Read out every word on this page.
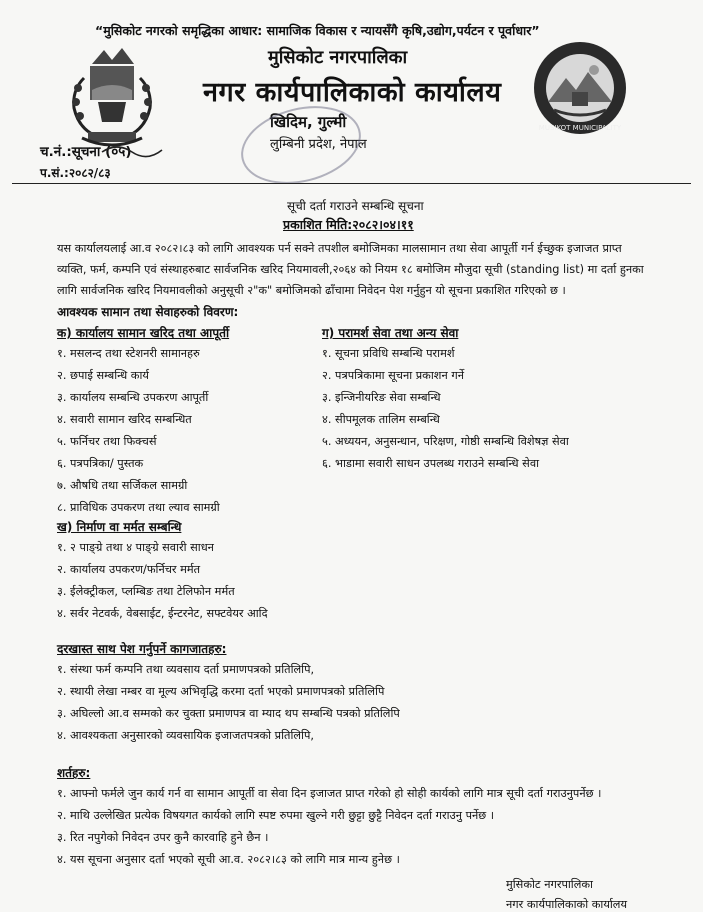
“मुसिकोट नगरको समृद्धिका आधार: सामाजिक विकास र न्यायसँगै कृषि,उद्योग,पर्यटन र पूर्वाधार”
मुसिकोट नगरपालिका
नगर कार्यपालिकाको कार्यालय
खिदिम, गुल्मी
लुम्बिनी प्रदेश, नेपाल
MUSIKOT MUNICIPALITY
च.नं.:सूचना (०५)
प.सं.:२०८२/८३
सूची दर्ता गराउने सम्बन्धि सूचना
प्रकाशित मिति:२०८२।०४।११
यस कार्यालयलाई आ.व २०८२।८३ को लागि आवश्यक पर्न सक्ने तपशील बमोजिमका मालसामान तथा सेवा आपूर्ती गर्न ईच्छुक इजाजत प्राप्त
व्यक्ति, फर्म, कम्पनि एवं संस्थाहरुबाट सार्वजनिक खरिद नियमावली,२०६४ को नियम १८ बमोजिम मौजुदा सूची (standing list) मा दर्ता हुनका
लागि सार्वजनिक खरिद नियमावलीको अनुसूची २"क" बमोजिमको ढाँचामा निवेदन पेश गर्नुहुन यो सूचना प्रकाशित गरिएको छ ।
आवश्यक सामान तथा सेवाहरुको विवरण:
क) कार्यालय सामान खरिद तथा आपूर्ती
१. मसलन्द तथा स्टेशनरी सामानहरु
२. छपाई सम्बन्धि कार्य
३. कार्यालय सम्बन्धि उपकरण आपूर्ती
४. सवारी सामान खरिद सम्बन्धित
५. फर्निचर तथा फिक्चर्स
६. पत्रपत्रिका/ पुस्तक
७. औषधि तथा सर्जिकल सामग्री
८. प्राविधिक उपकरण तथा ल्याव सामग्री
ग) परामर्श सेवा तथा अन्य सेवा
१. सूचना प्रविधि सम्बन्धि परामर्श
२. पत्रपत्रिकामा सूचना प्रकाशन गर्ने
३. इन्जिनीयरिङ सेवा सम्बन्धि
४. सीपमूलक तालिम सम्बन्धि
५. अध्ययन, अनुसन्धान, परिक्षण, गोष्ठी सम्बन्धि विशेषज्ञ सेवा
६. भाडामा सवारी साधन उपलब्ध गराउने सम्बन्धि सेवा
ख) निर्माण वा मर्मत सम्बन्धि
१. २ पाङ्ग्रे तथा ४ पाङ्ग्रे सवारी साधन
२. कार्यालय उपकरण/फर्निचर मर्मत
३. ईलेक्ट्रीकल, प्लम्बिङ तथा टेलिफोन मर्मत
४. सर्वर नेटवर्क, वेबसाईट, ईन्टरनेट, सफ्टवेयर आदि
दरखास्त साथ पेश गर्नुपर्ने कागजातहरु:
१. संस्था फर्म कम्पनि तथा व्यवसाय दर्ता प्रमाणपत्रको प्रतिलिपि,
२. स्थायी लेखा नम्बर वा मूल्य अभिवृद्धि करमा दर्ता भएको प्रमाणपत्रको प्रतिलिपि
३. अघिल्लो आ.व सम्मको कर चुक्ता प्रमाणपत्र वा म्याद थप सम्बन्धि पत्रको प्रतिलिपि
४. आवश्यकता अनुसारको व्यवसायिक इजाजतपत्रको प्रतिलिपि,
शर्तहरु:
१. आफ्नो फर्मले जुन कार्य गर्न वा सामान आपूर्ती वा सेवा दिन इजाजत प्राप्त गरेको हो सोही कार्यको लागि मात्र सूची दर्ता गराउनुपर्नेछ ।
२. माथि उल्लेखित प्रत्येक विषयगत कार्यको लागि स्पष्ट रुपमा खुल्ने गरी छुट्टा छुट्टै निवेदन दर्ता गराउनु पर्नेछ ।
३. रित नपुगेको निवेदन उपर कुनै कारवाहि हुने छैन ।
४. यस सूचना अनुसार दर्ता भएको सूची आ.व. २०८२।८३ को लागि मात्र मान्य हुनेछ ।
मुसिकोट नगरपालिका
नगर कार्यपालिकाको कार्यालय
